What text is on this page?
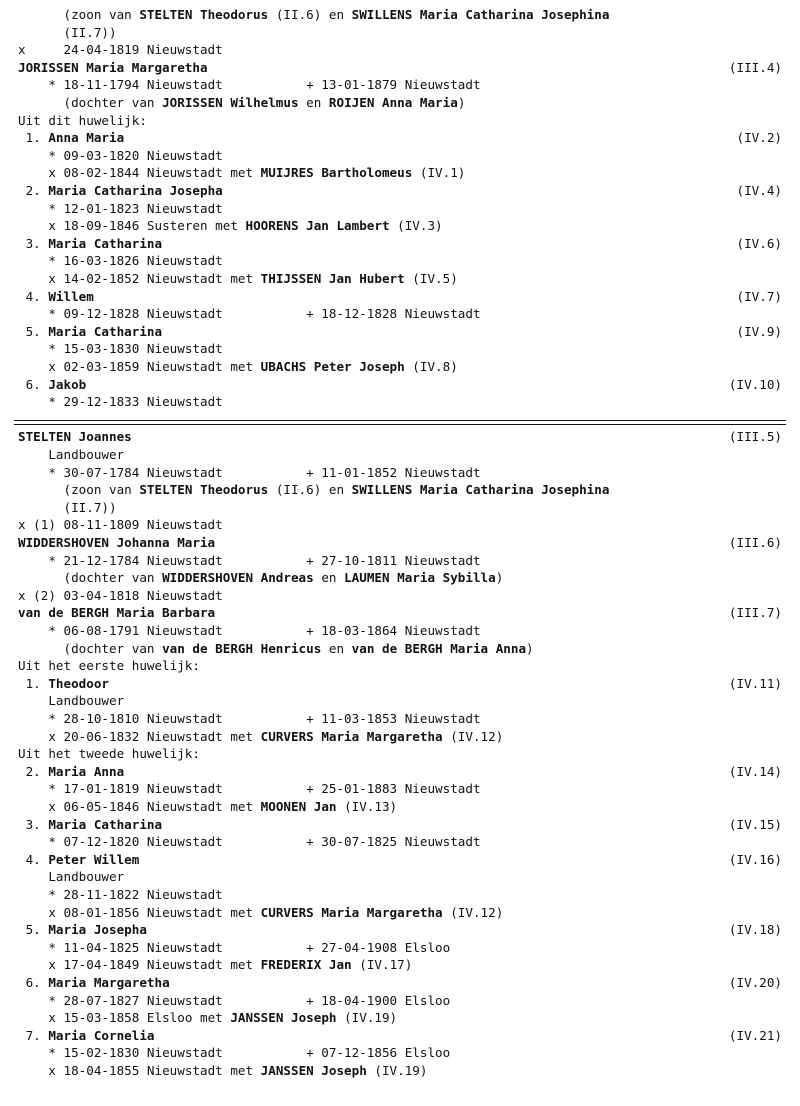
(zoon van STELTEN Theodorus (II.6) en SWILLENS Maria Catharina Josephina
(II.7))
x     24-04-1819 Nieuwstadt
JORISSEN Maria Margaretha	(III.4)
* 18-11-1794 Nieuwstadt           + 13-01-1879 Nieuwstadt
(dochter van JORISSEN Wilhelmus en ROIJEN Anna Maria)
Uit dit huwelijk:
1. Anna Maria	(IV.2)
* 09-03-1820 Nieuwstadt
x 08-02-1844 Nieuwstadt met MUIJRES Bartholomeus (IV.1)
2. Maria Catharina Josepha	(IV.4)
* 12-01-1823 Nieuwstadt
x 18-09-1846 Susteren met HOORENS Jan Lambert (IV.3)
3. Maria Catharina	(IV.6)
* 16-03-1826 Nieuwstadt
x 14-02-1852 Nieuwstadt met THIJSSEN Jan Hubert (IV.5)
4. Willem	(IV.7)
* 09-12-1828 Nieuwstadt           + 18-12-1828 Nieuwstadt
5. Maria Catharina	(IV.9)
* 15-03-1830 Nieuwstadt
x 02-03-1859 Nieuwstadt met UBACHS Peter Joseph (IV.8)
6. Jakob	(IV.10)
* 29-12-1833 Nieuwstadt

STELTEN Joannes	(III.5)
Landbouwer
* 30-07-1784 Nieuwstadt           + 11-01-1852 Nieuwstadt
(zoon van STELTEN Theodorus (II.6) en SWILLENS Maria Catharina Josephina
(II.7))
x (1) 08-11-1809 Nieuwstadt
WIDDERSHOVEN Johanna Maria	(III.6)
* 21-12-1784 Nieuwstadt           + 27-10-1811 Nieuwstadt
(dochter van WIDDERSHOVEN Andreas en LAUMEN Maria Sybilla)
x (2) 03-04-1818 Nieuwstadt
van de BERGH Maria Barbara	(III.7)
* 06-08-1791 Nieuwstadt           + 18-03-1864 Nieuwstadt
(dochter van van de BERGH Henricus en van de BERGH Maria Anna)
Uit het eerste huwelijk:
1. Theodoor	(IV.11)
Landbouwer
* 28-10-1810 Nieuwstadt           + 11-03-1853 Nieuwstadt
x 20-06-1832 Nieuwstadt met CURVERS Maria Margaretha (IV.12)
Uit het tweede huwelijk:
2. Maria Anna	(IV.14)
* 17-01-1819 Nieuwstadt           + 25-01-1883 Nieuwstadt
x 06-05-1846 Nieuwstadt met MOONEN Jan (IV.13)
3. Maria Catharina	(IV.15)
* 07-12-1820 Nieuwstadt           + 30-07-1825 Nieuwstadt
4. Peter Willem	(IV.16)
Landbouwer
* 28-11-1822 Nieuwstadt
x 08-01-1856 Nieuwstadt met CURVERS Maria Margaretha (IV.12)
5. Maria Josepha	(IV.18)
* 11-04-1825 Nieuwstadt           + 27-04-1908 Elsloo
x 17-04-1849 Nieuwstadt met FREDERIX Jan (IV.17)
6. Maria Margaretha	(IV.20)
* 28-07-1827 Nieuwstadt           + 18-04-1900 Elsloo
x 15-03-1858 Elsloo met JANSSEN Joseph (IV.19)
7. Maria Cornelia	(IV.21)
* 15-02-1830 Nieuwstadt           + 07-12-1856 Elsloo
x 18-04-1855 Nieuwstadt met JANSSEN Joseph (IV.19)
